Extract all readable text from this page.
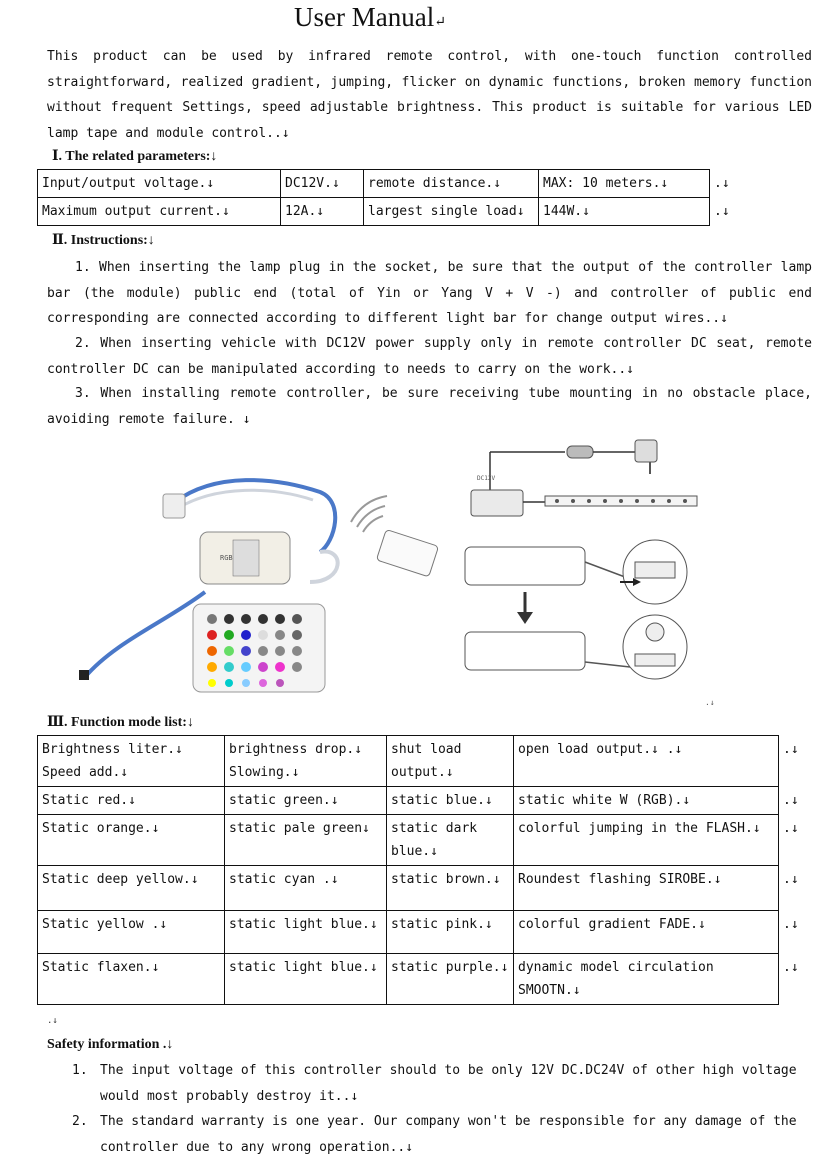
User Manual↵
This product can be used by infrared remote control, with one-touch function controlled straightforward, realized gradient, jumping, flicker on dynamic functions, broken memory function without frequent Settings, speed adjustable brightness. This product is suitable for various LED lamp tape and module control..↓
Ⅰ. The related parameters:↓
Input/output voltage.↓	DC12V.↓	remote distance.↓	MAX: 10 meters.↓	.↓
Maximum output current.↓	12A.↓	largest single load↓	144W.↓	.↓
Ⅱ. Instructions:↓
1. When inserting the lamp plug in the socket, be sure that the output of the controller lamp bar (the module) public end (total of Yin or Yang V + V -) and controller of public end corresponding are connected according to different light bar for change output wires..↓
2. When inserting vehicle with DC12V power supply only in remote controller DC seat, remote controller DC can be manipulated according to needs to carry on the work..↓
3. When installing remote controller, be sure receiving tube mounting in no obstacle place, avoiding remote failure. ↓
RGB
DC12V
.↓
Ⅲ. Function mode list:↓
Brightness liter.↓ Speed add.↓	brightness drop.↓ Slowing.↓	shut load output.↓	open load output.↓ .↓	.↓
Static red.↓	static green.↓	static blue.↓	static white W (RGB).↓	.↓
Static orange.↓	static pale green↓	static dark blue.↓	colorful jumping in the FLASH.↓	.↓
Static deep yellow.↓	static cyan .↓	static brown.↓	Roundest flashing SIROBE.↓	.↓
Static yellow .↓	static light blue.↓	static pink.↓	colorful gradient FADE.↓	.↓
Static flaxen.↓	static light blue.↓	static purple.↓	dynamic model circulation SMOOTN.↓	.↓
.↓
Safety information .↓
1. The input voltage of this controller should to be only 12V DC.DC24V of other high voltage would most probably destroy it..↓
2. The standard warranty is one year. Our company won't be responsible for any damage of the controller due to any wrong operation..↓
